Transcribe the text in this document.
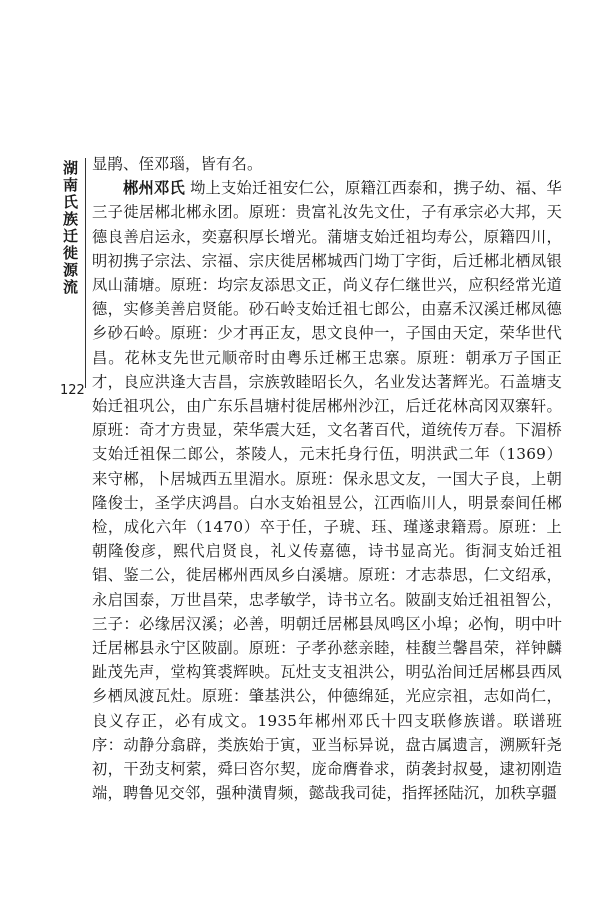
湖南氏族迁徙源流
122

显鹃、侄邓瑙，皆有名。

郴州邓氏 坳上支始迁祖安仁公，原籍江西泰和，携子幼、福、华三子徙居郴北郴永团。原班：贵富礼汝先文仕，子有承宗必大邦，天德良善启运永，奕嘉积厚长增光。蒲塘支始迁祖均寿公，原籍四川，明初携子宗法、宗福、宗庆徙居郴城西门坳丁字街，后迁郴北栖凤银凤山蒲塘。原班：均宗友添思文正，尚义存仁继世兴，应积经常光道德，实修美善启贤能。砂石岭支始迁祖七郎公，由嘉禾汉溪迁郴凤德乡砂石岭。原班：少才再正友，思文良仲一，子国由天定，荣华世代昌。花林支先世元顺帝时由粤乐迁郴王忠寨。原班：朝承万子国正才，良应洪逢大吉昌，宗族敦睦昭长久，名业发达著辉光。石盖塘支始迁祖巩公，由广东乐昌塘村徙居郴州沙江，后迁花林高冈双寨轩。原班：奇才方贵显，荣华震大廷，文名著百代，道统传万春。下湄桥支始迁祖保二郎公，茶陵人，元末托身行伍，明洪武二年（1369）来守郴，卜居城西五里湄水。原班：保永思文友，一国大子良，上朝隆俊士，圣学庆鸿昌。白水支始祖昱公，江西临川人，明景泰间任郴检，成化六年（1470）卒于任，子琥、珏、瑾遂隶籍焉。原班：上朝隆俊彦，熙代启贤良，礼义传嘉德，诗书显高光。街洞支始迁祖锠、鉴二公，徙居郴州西凤乡白溪塘。原班：才志恭思，仁文绍承，永启国泰，万世昌荣，忠孝敏学，诗书立名。陂副支始迁祖祖智公，三子：必缘居汉溪；必善，明朝迁居郴县凤鸣区小埠；必恂，明中叶迁居郴县永宁区陂副。原班：子孝孙慈亲睦，桂馥兰馨昌荣，祥钟麟趾茂先声，堂构箕裘辉映。瓦灶支支祖洪公，明弘治间迁居郴县西凤乡栖凤渡瓦灶。原班：肇基洪公，仲德绵延，光应宗祖，志如尚仁，良义存正，必有成文。1935年郴州邓氏十四支联修族谱。联谱班序：动静分翕辟，类族始于寅，亚当标异说，盘古属遗言，溯厥轩尧初，干劲支柯萦，舜曰咨尔契，庞命膺眷求，荫袭封叔曼，逮初刚造端，聘鲁见交邻，强种潢胄频，懿哉我司徒，指挥拯陆沉，加秩享疆
